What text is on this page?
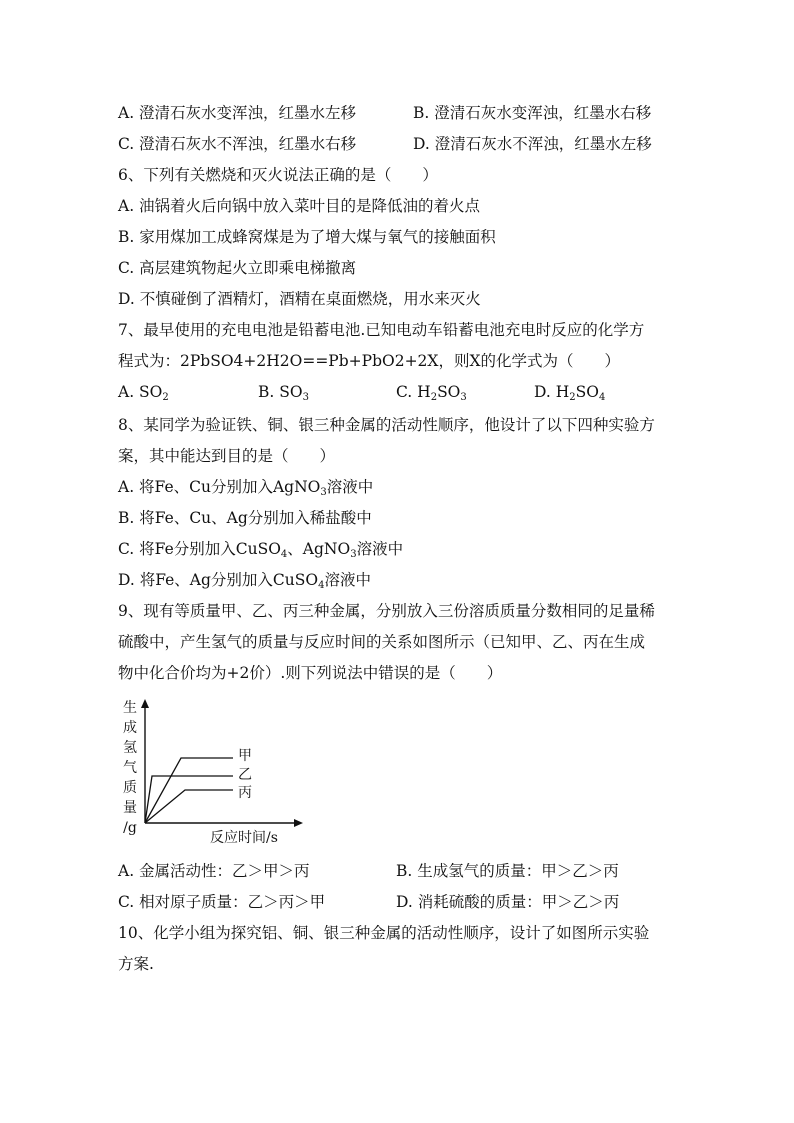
A. 澄清石灰水变浑浊，红墨水左移	B. 澄清石灰水变浑浊，红墨水右移
C. 澄清石灰水不浑浊，红墨水右移	D. 澄清石灰水不浑浊，红墨水左移
6、下列有关燃烧和灭火说法正确的是（　　）
A. 油锅着火后向锅中放入菜叶目的是降低油的着火点
B. 家用煤加工成蜂窝煤是为了增大煤与氧气的接触面积
C. 高层建筑物起火立即乘电梯撤离
D. 不慎碰倒了酒精灯，酒精在桌面燃烧，用水来灭火
7、最早使用的充电电池是铅蓄电池.已知电动车铅蓄电池充电时反应的化学方
程式为：2PbSO4+2H2O==Pb+PbO2+2X，则X的化学式为（　　）
A. $SO_2$	B. $SO_3$	C. $H_2SO_3$	D. $H_2SO_4$
8、某同学为验证铁、铜、银三种金属的活动性顺序，他设计了以下四种实验方
案，其中能达到目的是（　　）
A. 将Fe、Cu分别加入AgNO$_3$溶液中
B. 将Fe、Cu、Ag分别加入稀盐酸中
C. 将Fe分别加入CuSO$_4$、AgNO$_3$溶液中
D. 将Fe、Ag分别加入CuSO$_4$溶液中
9、现有等质量甲、乙、丙三种金属，分别放入三份溶质质量分数相同的足量稀
硫酸中，产生氢气的质量与反应时间的关系如图所示（已知甲、乙、丙在生成
物中化合价均为+2价）.则下列说法中错误的是（　　）
生
成
氢
气
质
量
/g
甲
乙
丙
反应时间/s
A. 金属活动性：乙＞甲＞丙	B. 生成氢气的质量：甲＞乙＞丙
C. 相对原子质量：乙＞丙＞甲	D. 消耗硫酸的质量：甲＞乙＞丙
10、化学小组为探究铝、铜、银三种金属的活动性顺序，设计了如图所示实验
方案.
